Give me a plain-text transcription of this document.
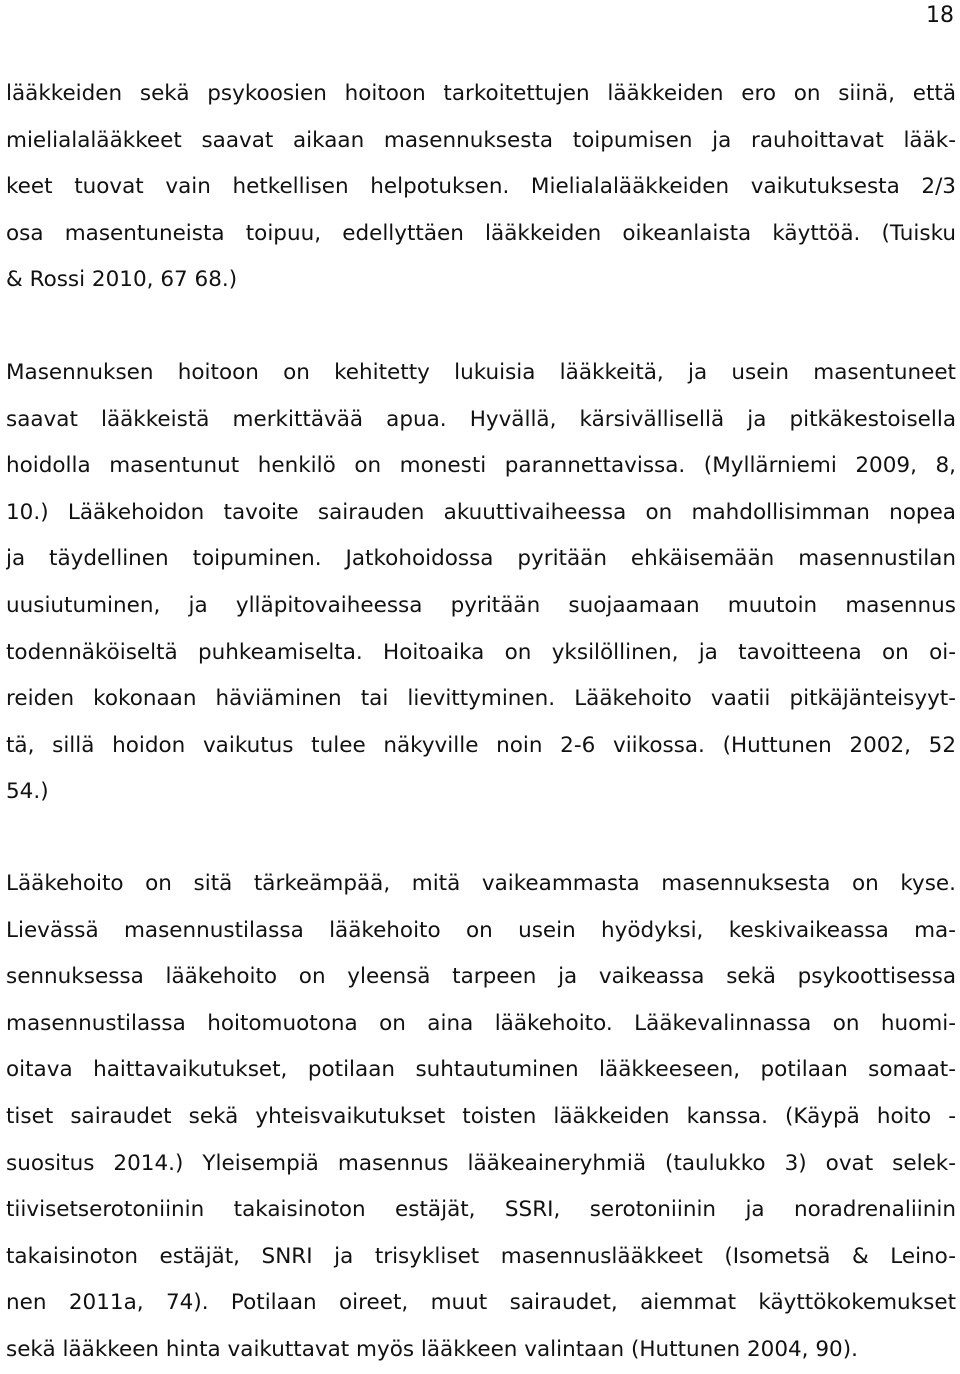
18
lääkkeiden sekä psykoosien hoitoon tarkoitettujen lääkkeiden ero on siinä, että
mielialalääkkeet saavat aikaan masennuksesta toipumisen ja rauhoittavat lääk-
keet tuovat vain hetkellisen helpotuksen. Mielialalääkkeiden vaikutuksesta 2/3
osa masentuneista toipuu, edellyttäen lääkkeiden oikeanlaista käyttöä. (Tuisku
& Rossi 2010, 67 68.)
Masennuksen hoitoon on kehitetty lukuisia lääkkeitä, ja usein masentuneet
saavat lääkkeistä merkittävää apua. Hyvällä, kärsivällisellä ja pitkäkestoisella
hoidolla masentunut henkilö on monesti parannettavissa. (Myllärniemi 2009, 8,
10.) Lääkehoidon tavoite sairauden akuuttivaiheessa on mahdollisimman nopea
ja täydellinen toipuminen. Jatkohoidossa pyritään ehkäisemään masennustilan
uusiutuminen, ja ylläpitovaiheessa pyritään suojaamaan muutoin masennus
todennäköiseltä puhkeamiselta. Hoitoaika on yksilöllinen, ja tavoitteena on oi-
reiden kokonaan häviäminen tai lievittyminen. Lääkehoito vaatii pitkäjänteisyyt-
tä, sillä hoidon vaikutus tulee näkyville noin 2-6 viikossa. (Huttunen 2002, 52
54.)
Lääkehoito on sitä tärkeämpää, mitä vaikeammasta masennuksesta on kyse.
Lievässä masennustilassa lääkehoito on usein hyödyksi, keskivaikeassa ma-
sennuksessa lääkehoito on yleensä tarpeen ja vaikeassa sekä psykoottisessa
masennustilassa hoitomuotona on aina lääkehoito. Lääkevalinnassa on huomi-
oitava haittavaikutukset, potilaan suhtautuminen lääkkeeseen, potilaan somaat-
tiset sairaudet sekä yhteisvaikutukset toisten lääkkeiden kanssa. (Käypä hoito -
suositus 2014.) Yleisempiä masennus lääkeaineryhmiä (taulukko 3) ovat selek-
tiivisetserotoniinin takaisinoton estäjät, SSRI, serotoniinin ja noradrenaliinin
takaisinoton estäjät, SNRI ja trisykliset masennuslääkkeet (Isometsä & Leino-
nen 2011a, 74). Potilaan oireet, muut sairaudet, aiemmat käyttökokemukset
sekä lääkkeen hinta vaikuttavat myös lääkkeen valintaan (Huttunen 2004, 90).
